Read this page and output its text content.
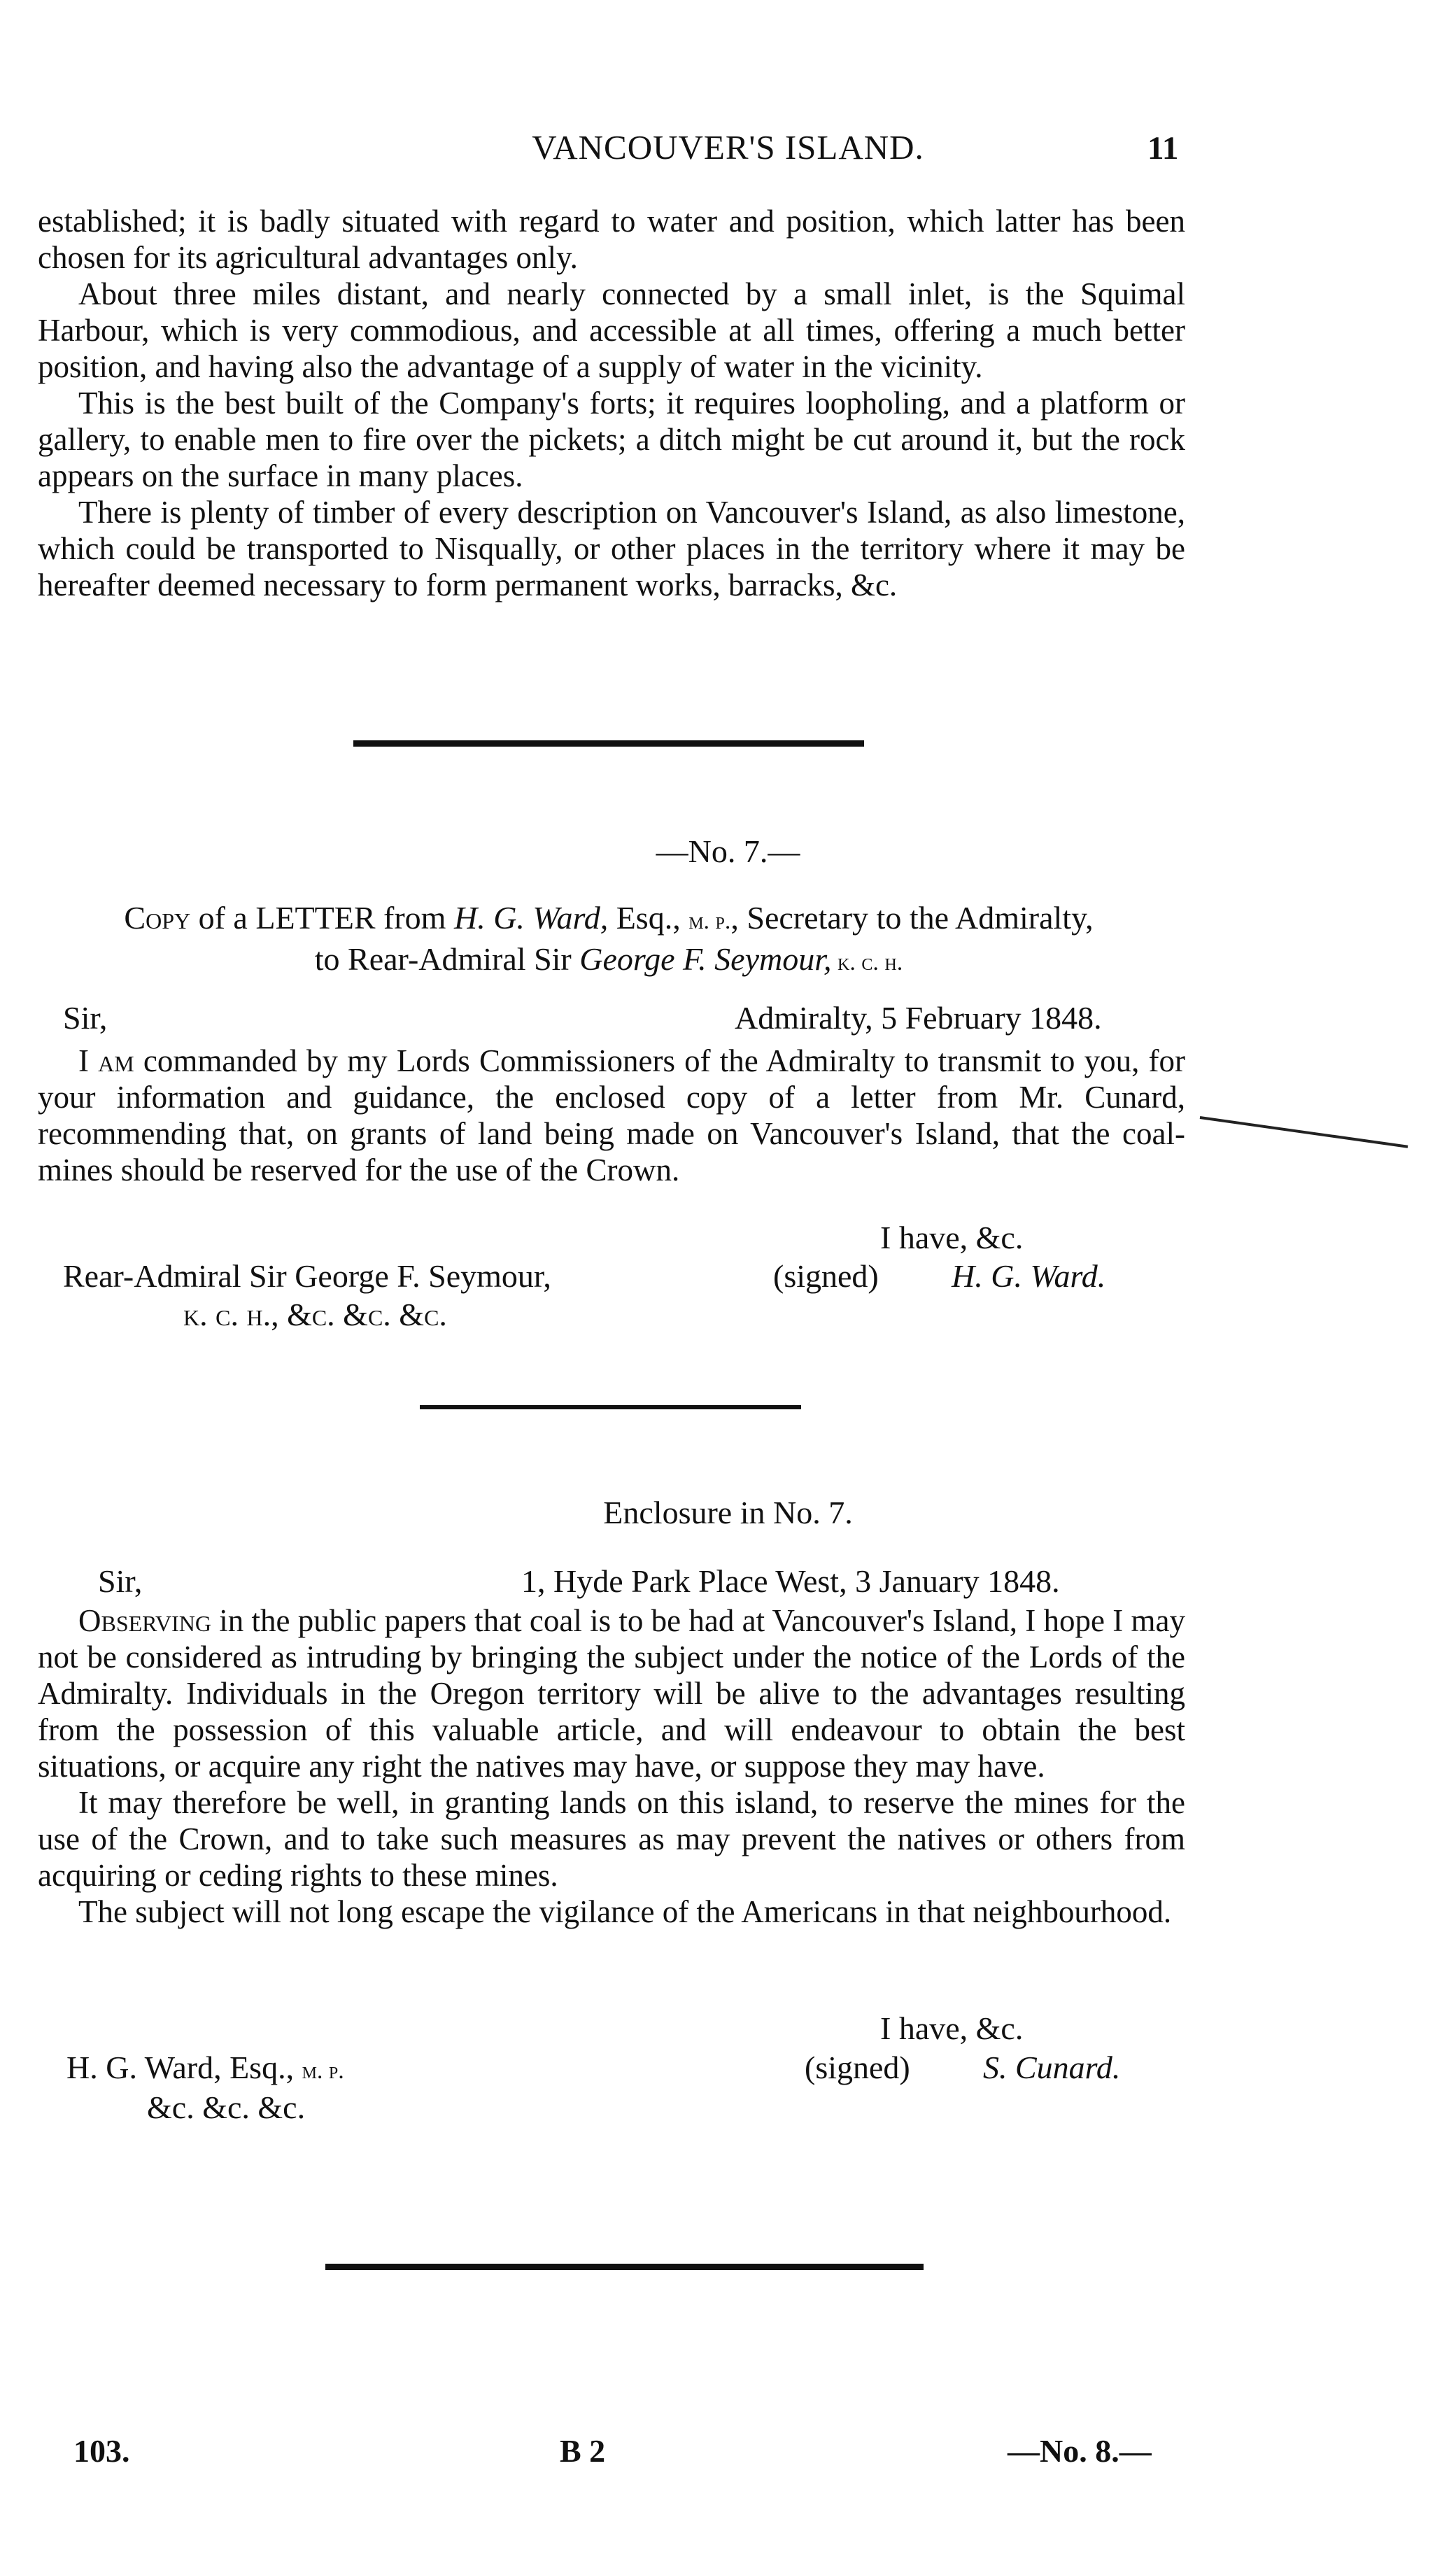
VANCOUVER'S ISLAND.	11

established; it is badly situated with regard to water and position, which latter has been chosen for its agricultural advantages only.

About three miles distant, and nearly connected by a small inlet, is the Squimal Harbour, which is very commodious, and accessible at all times, offering a much better position, and having also the advantage of a supply of water in the vicinity.

This is the best built of the Company's forts; it requires loopholing, and a platform or gallery, to enable men to fire over the pickets; a ditch might be cut around it, but the rock appears on the surface in many places.

There is plenty of timber of every description on Vancouver's Island, as also limestone, which could be transported to Nisqually, or other places in the territory where it may be hereafter deemed necessary to form permanent works, barracks, &c.

—No. 7.—
Copy of a LETTER from H. G. Ward, Esq., m. p., Secretary to the Admiralty,
to Rear-Admiral Sir George F. Seymour, k. c. h.
Sir,	Admiralty, 5 February 1848.

I am commanded by my Lords Commissioners of the Admiralty to transmit to you, for your information and guidance, the enclosed copy of a letter from Mr. Cunard, recommending that, on grants of land being made on Vancouver's Island, that the coal-mines should be reserved for the use of the Crown.

I have, &c.
(signed) H. G. Ward.
Rear-Admiral Sir George F. Seymour,
k. c. h., &c. &c. &c.
Enclosure in No. 7.
Sir,	1, Hyde Park Place West, 3 January 1848.

Observing in the public papers that coal is to be had at Vancouver's Island, I hope I may not be considered as intruding by bringing the subject under the notice of the Lords of the Admiralty. Individuals in the Oregon territory will be alive to the advantages resulting from the possession of this valuable article, and will endeavour to obtain the best situations, or acquire any right the natives may have, or suppose they may have.

It may therefore be well, in granting lands on this island, to reserve the mines for the use of the Crown, and to take such measures as may prevent the natives or others from acquiring or ceding rights to these mines.

The subject will not long escape the vigilance of the Americans in that neighbourhood.

I have, &c.
(signed) S. Cunard.
H. G. Ward, Esq., m. p.
&c. &c. &c.
103.	B 2	—No. 8.—
